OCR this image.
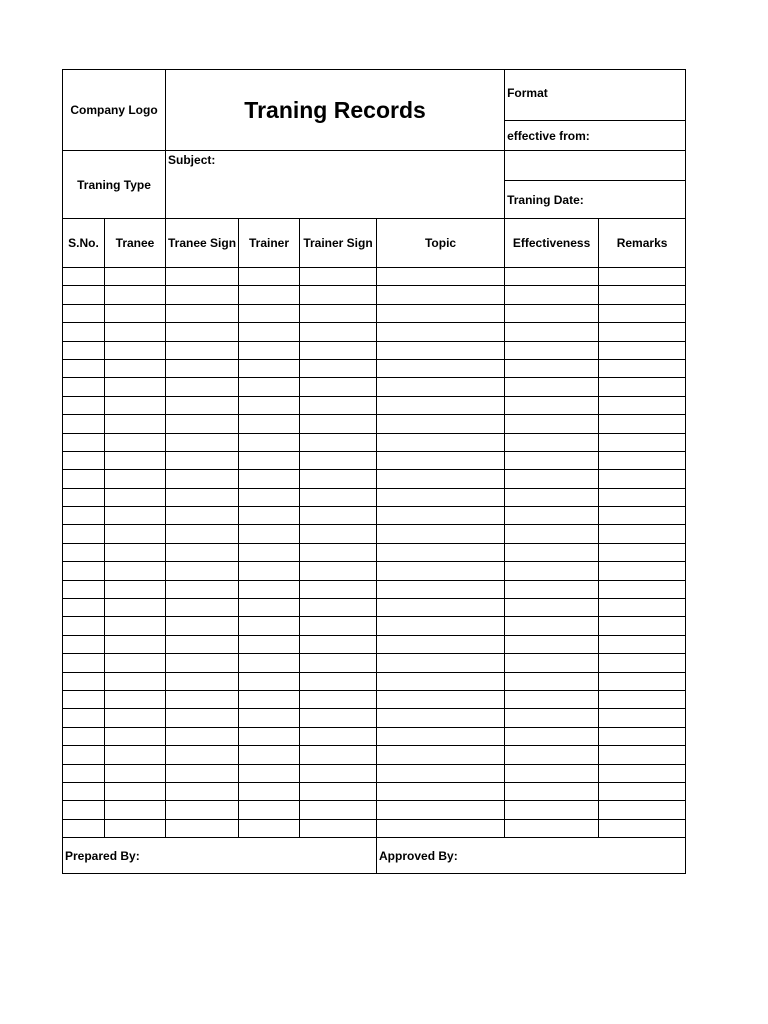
Company Logo		Traning Records				Format	
						effective from:	
Traning Type		Subject:					
						Traning Date:	
S.No.	Tranee	Tranee Sign	Trainer	Trainer Sign	Topic	Effectiveness	Remarks

Prepared By:					Approved By:		
